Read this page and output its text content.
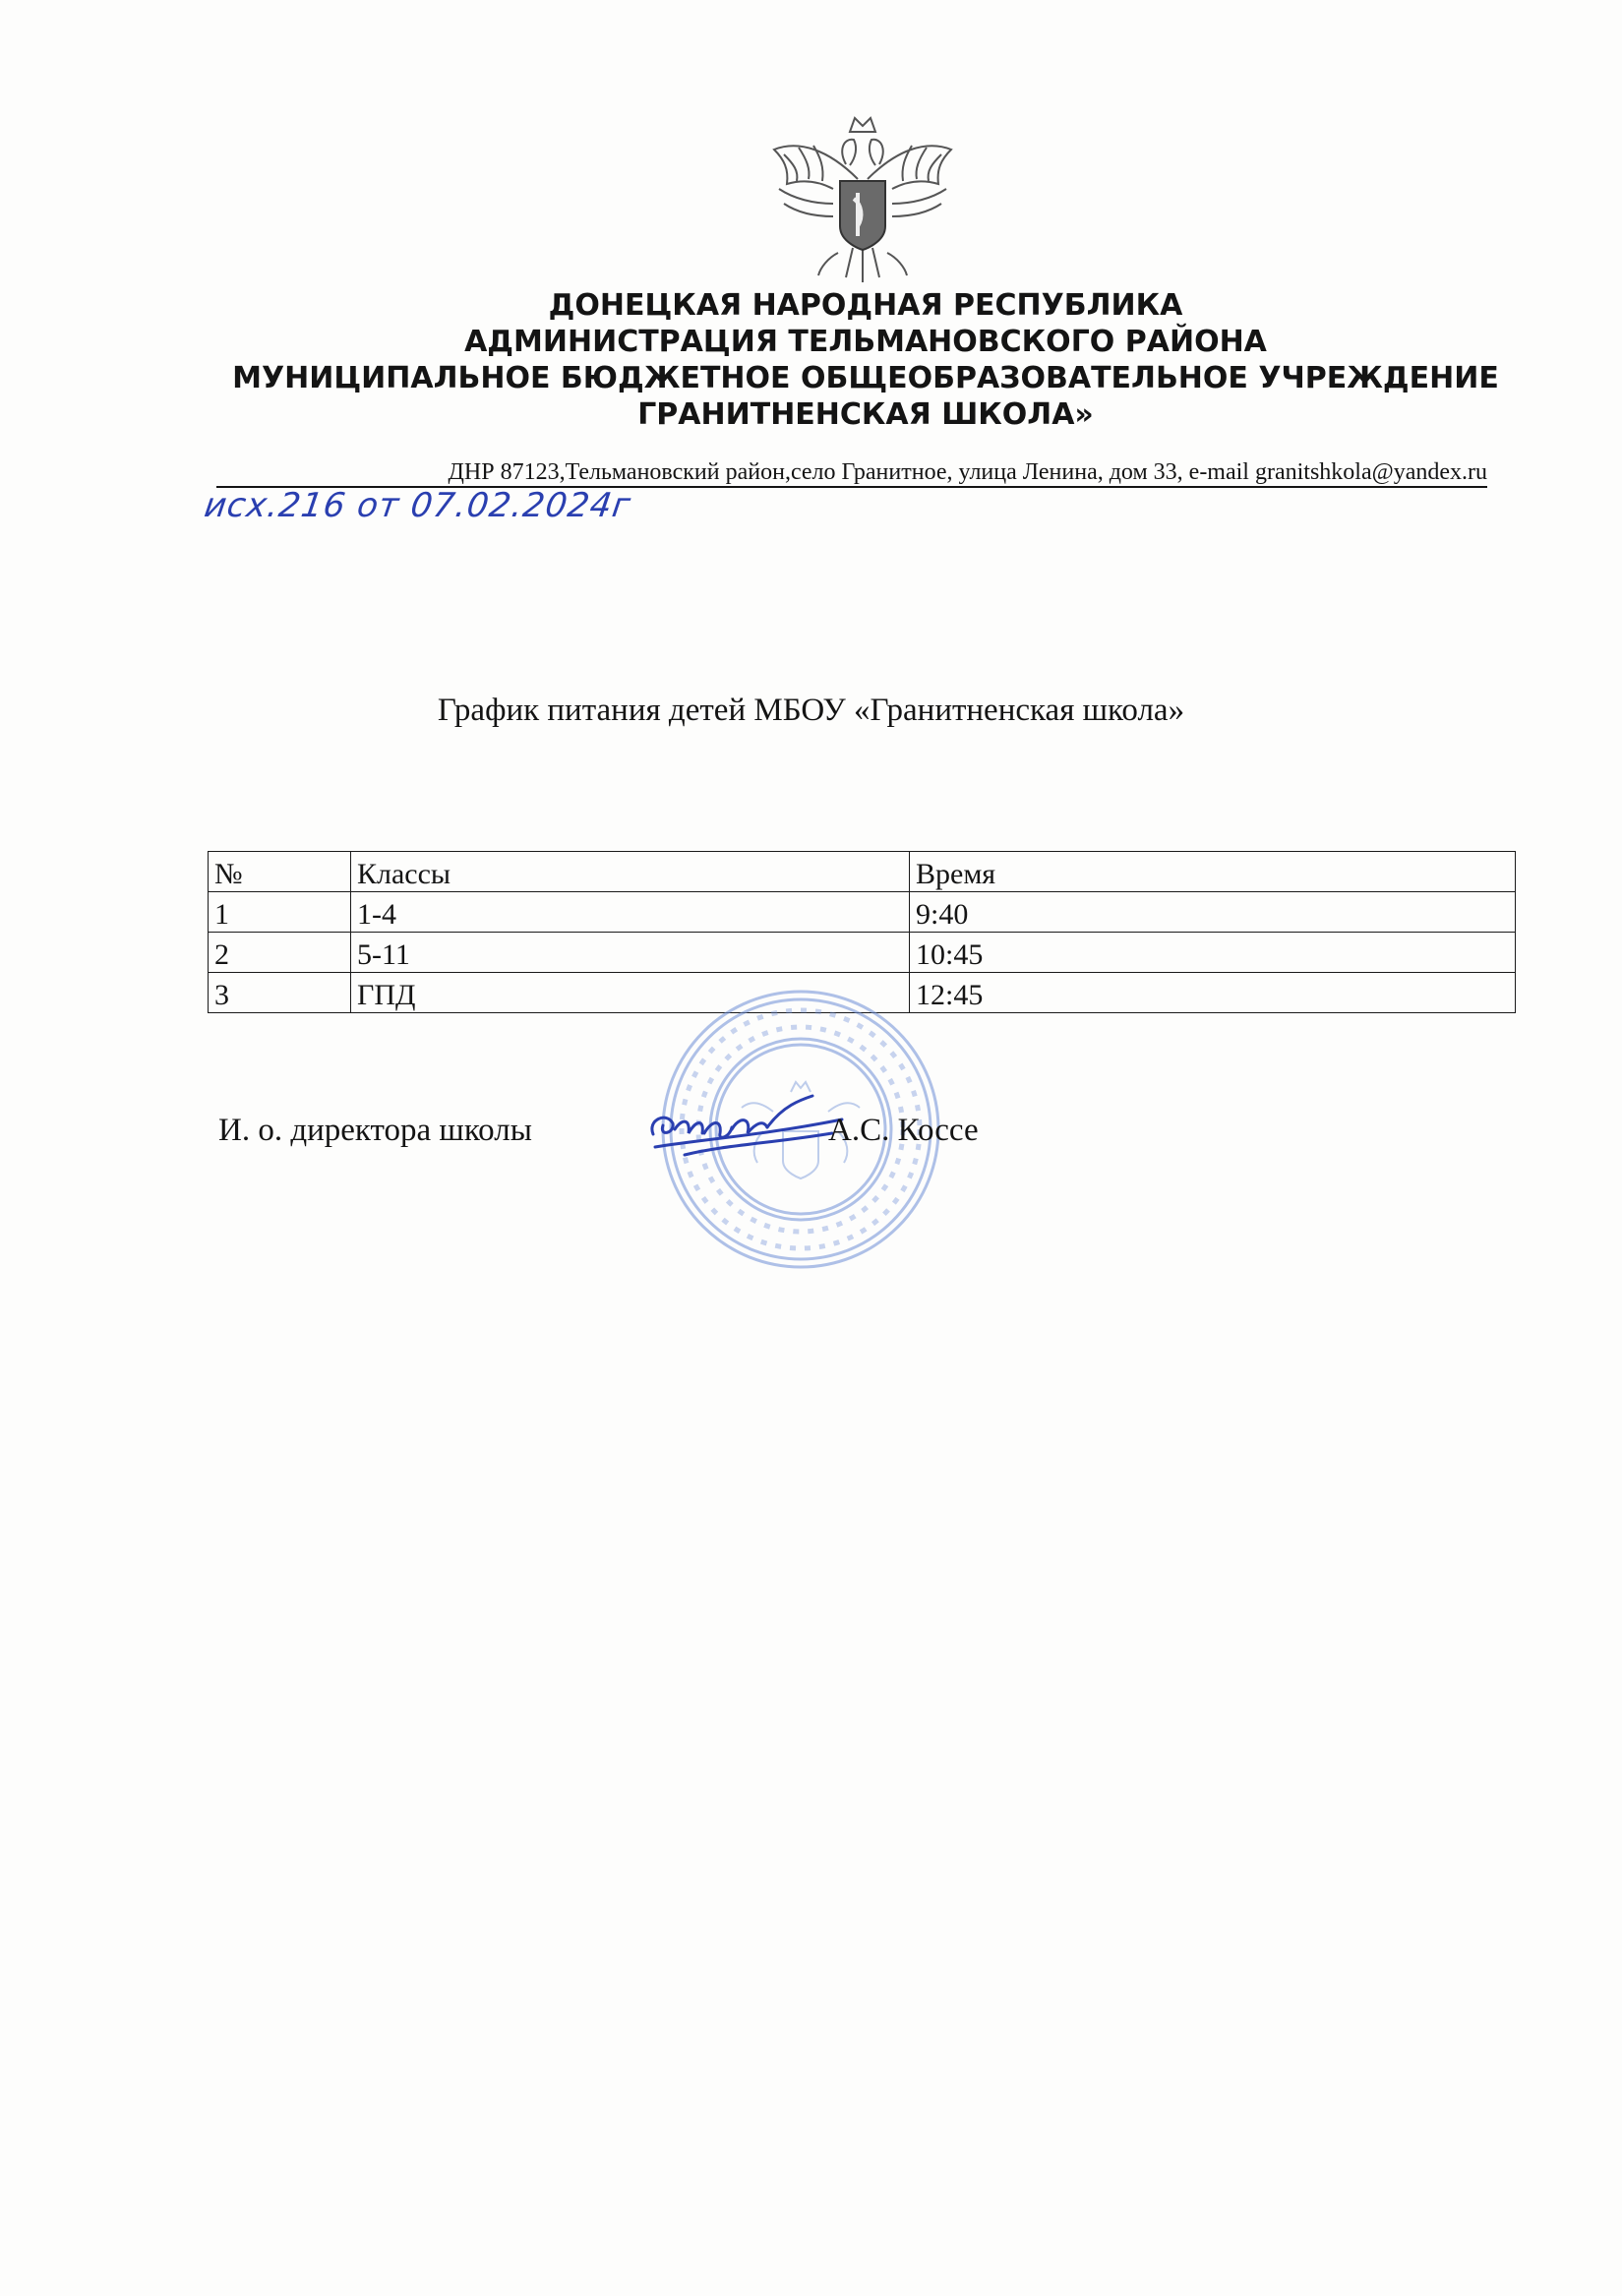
ДОНЕЦКАЯ НАРОДНАЯ РЕСПУБЛИКА
АДМИНИСТРАЦИЯ ТЕЛЬМАНОВСКОГО РАЙОНА
МУНИЦИПАЛЬНОЕ БЮДЖЕТНОЕ ОБЩЕОБРАЗОВАТЕЛЬНОЕ УЧРЕЖДЕНИЕ
ГРАНИТНЕНСКАЯ ШКОЛА»
ДНР 87123,Тельмановский район,село Гранитное, улица Ленина, дом 33, e-mail granitshkola@yandex.ru
исх.216 от 07.02.2024г
График питания детей МБОУ «Гранитненская школа»
№	Классы	Время
1	1-4	9:40
2	5-11	10:45
3	ГПД	12:45
И. о. директора школы	А.С. Коссе
